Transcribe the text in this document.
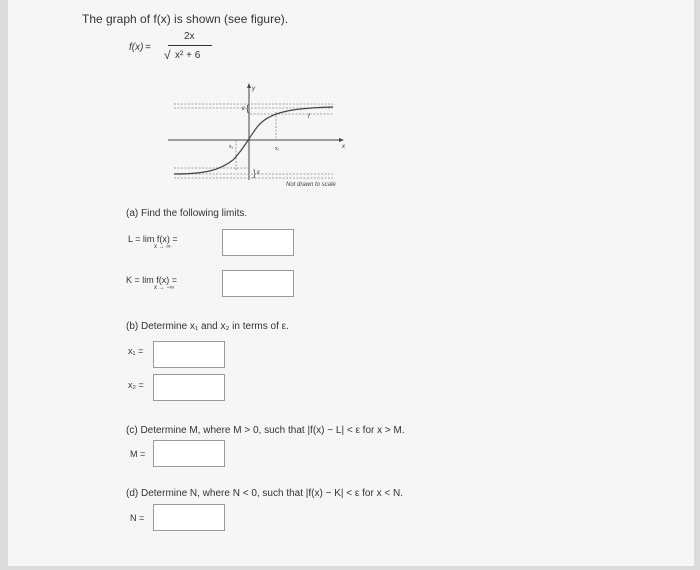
The graph of f(x) is shown (see figure).
f(x) =
2x
√ x² + 6
y
x
f
x₁
x₂
ε
ε
{
}
Not drawn to scale
(a) Find the following limits.
L = lim f(x) =
x → ∞
K = lim f(x) =
x → −∞
(b) Determine x₁ and x₂ in terms of ε.
x₁ =
x₂ =
(c) Determine M, where M > 0, such that |f(x) − L| < ε for x > M.
M =
(d) Determine N, where N < 0, such that |f(x) − K| < ε for x < N.
N =
